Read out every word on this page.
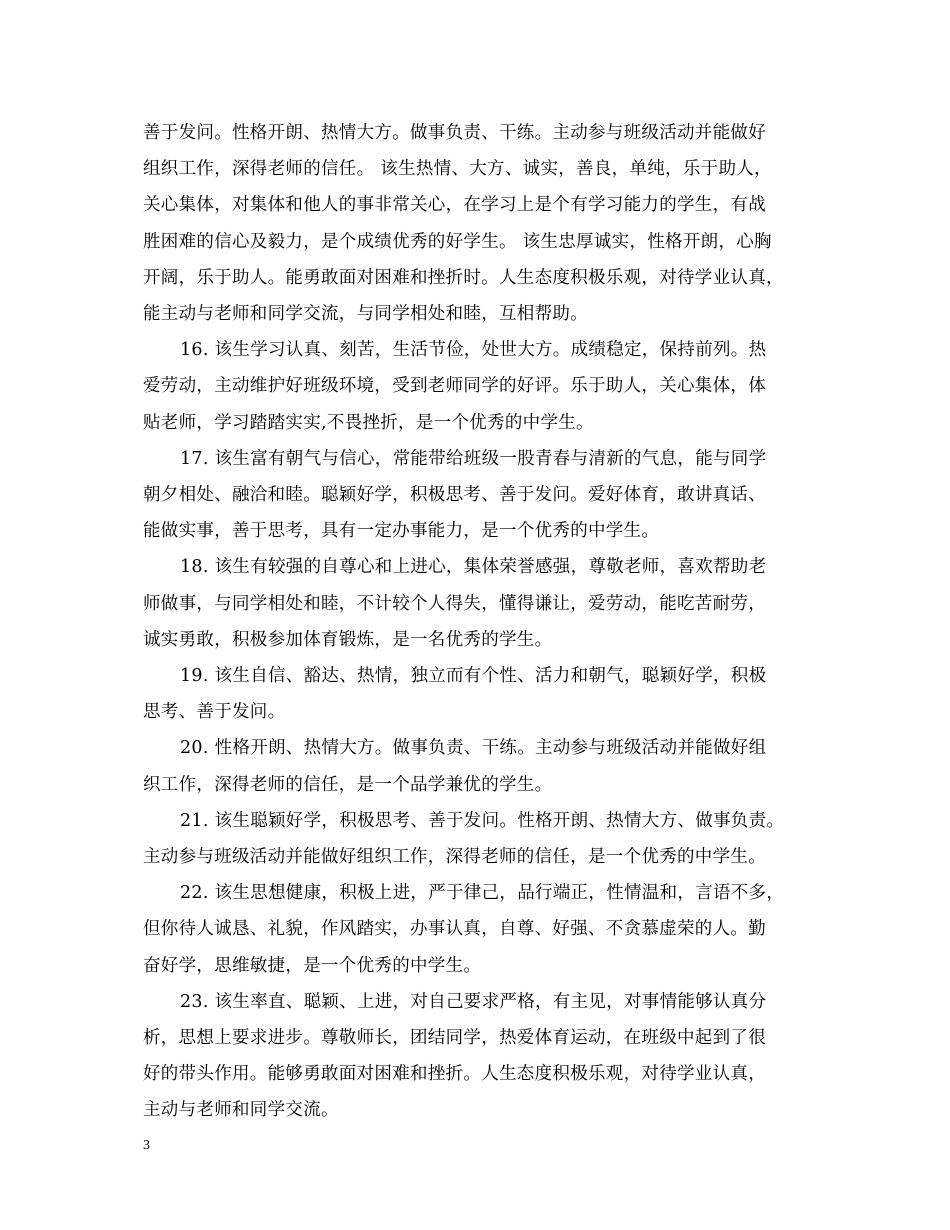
善于发问。性格开朗、热情大方。做事负责、干练。主动参与班级活动并能做好
组织工作，深得老师的信任。 该生热情、大方、诚实，善良，单纯，乐于助人，
关心集体，对集体和他人的事非常关心，在学习上是个有学习能力的学生，有战
胜困难的信心及毅力，是个成绩优秀的好学生。 该生忠厚诚实，性格开朗，心胸
开阔，乐于助人。能勇敢面对困难和挫折时。人生态度积极乐观，对待学业认真，
能主动与老师和同学交流，与同学相处和睦，互相帮助。

16. 该生学习认真、刻苦，生活节俭，处世大方。成绩稳定，保持前列。热
爱劳动，主动维护好班级环境，受到老师同学的好评。乐于助人，关心集体，体
贴老师，学习踏踏实实,不畏挫折，是一个优秀的中学生。

17. 该生富有朝气与信心，常能带给班级一股青春与清新的气息，能与同学
朝夕相处、融洽和睦。聪颖好学，积极思考、善于发问。爱好体育，敢讲真话、
能做实事，善于思考，具有一定办事能力，是一个优秀的中学生。

18. 该生有较强的自尊心和上进心，集体荣誉感强，尊敬老师，喜欢帮助老
师做事，与同学相处和睦，不计较个人得失，懂得谦让，爱劳动，能吃苦耐劳，
诚实勇敢，积极参加体育锻炼，是一名优秀的学生。

19. 该生自信、豁达、热情，独立而有个性、活力和朝气，聪颖好学，积极
思考、善于发问。

20. 性格开朗、热情大方。做事负责、干练。主动参与班级活动并能做好组
织工作，深得老师的信任，是一个品学兼优的学生。

21. 该生聪颖好学，积极思考、善于发问。性格开朗、热情大方、做事负责。
主动参与班级活动并能做好组织工作，深得老师的信任，是一个优秀的中学生。

22. 该生思想健康，积极上进，严于律己，品行端正，性情温和，言语不多，
但你待人诚恳、礼貌，作风踏实，办事认真，自尊、好强、不贪慕虚荣的人。勤
奋好学，思维敏捷，是一个优秀的中学生。

23. 该生率直、聪颖、上进，对自己要求严格，有主见，对事情能够认真分
析，思想上要求进步。尊敬师长，团结同学，热爱体育运动，在班级中起到了很
好的带头作用。能够勇敢面对困难和挫折。人生态度积极乐观，对待学业认真，
主动与老师和同学交流。

3
